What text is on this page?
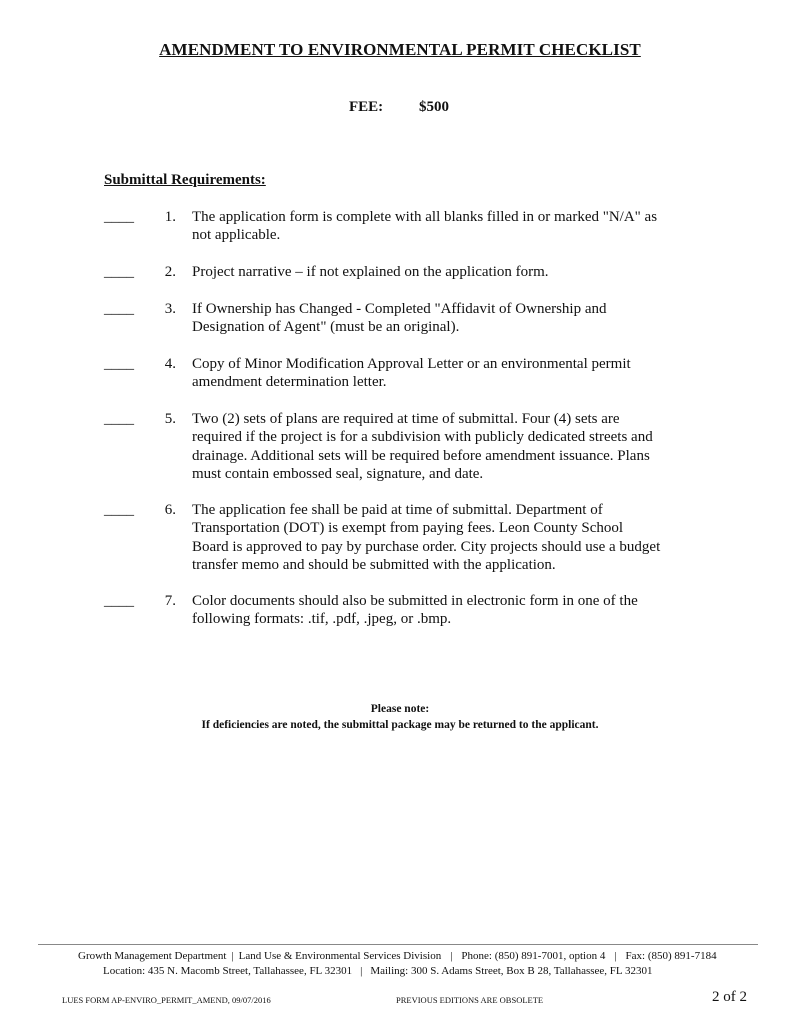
AMENDMENT TO ENVIRONMENTAL PERMIT CHECKLIST
FEE: $500
Submittal Requirements:
____	1. The application form is complete with all blanks filled in or marked "N/A" as not applicable.
____	2. Project narrative – if not explained on the application form.
____	3. If Ownership has Changed - Completed "Affidavit of Ownership and Designation of Agent" (must be an original).
____	4. Copy of Minor Modification Approval Letter or an environmental permit amendment determination letter.
____	5. Two (2) sets of plans are required at time of submittal. Four (4) sets are required if the project is for a subdivision with publicly dedicated streets and drainage. Additional sets will be required before amendment issuance. Plans must contain embossed seal, signature, and date.
____	6. The application fee shall be paid at time of submittal. Department of Transportation (DOT) is exempt from paying fees. Leon County School Board is approved to pay by purchase order. City projects should use a budget transfer memo and should be submitted with the application.
____	7. Color documents should also be submitted in electronic form in one of the following formats: .tif, .pdf, .jpeg, or .bmp.
Please note:
If deficiencies are noted, the submittal package may be returned to the applicant.
Growth Management Department | Land Use & Environmental Services Division | Phone: (850) 891-7001, option 4 | Fax: (850) 891-7184
Location: 435 N. Macomb Street, Tallahassee, FL 32301 | Mailing: 300 S. Adams Street, Box B 28, Tallahassee, FL 32301
LUES FORM AP-ENVIRO_PERMIT_AMEND, 09/07/2016	PREVIOUS EDITIONS ARE OBSOLETE	2 of 2
